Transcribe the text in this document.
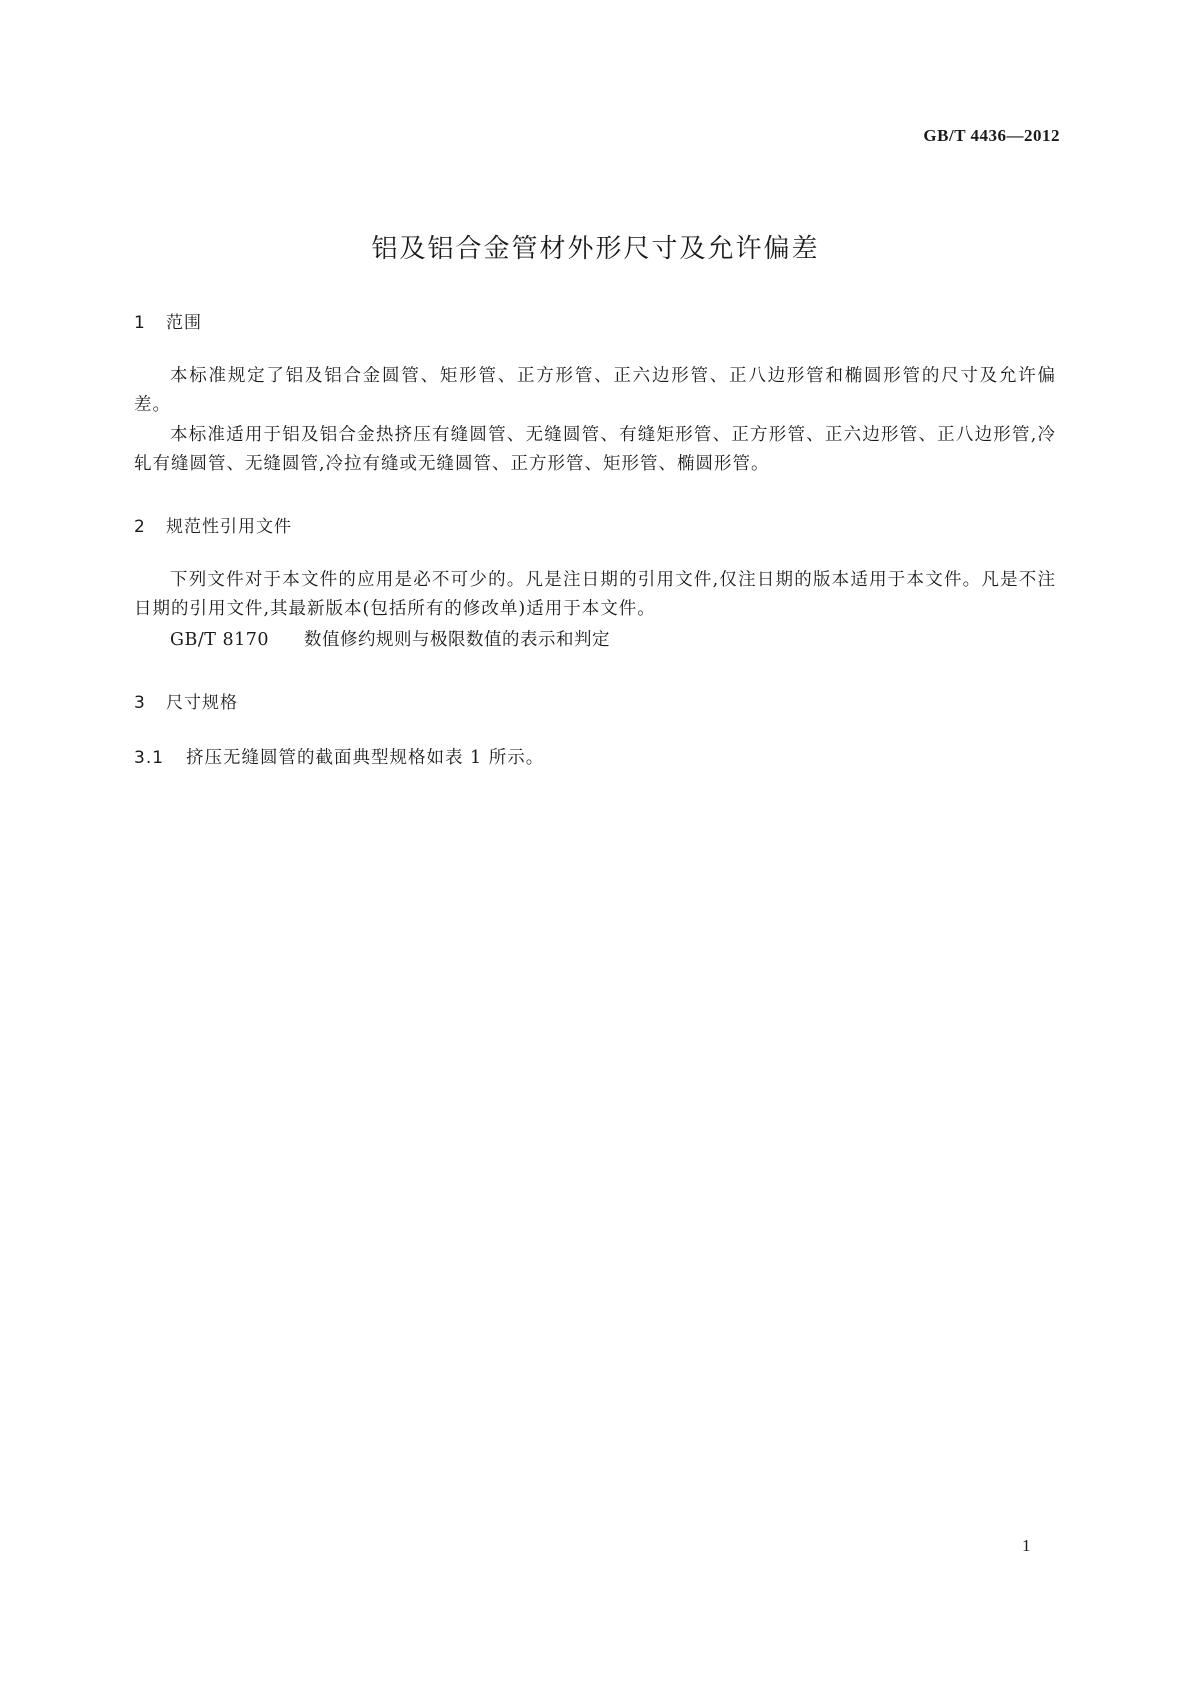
GB/T 4436—2012
铝及铝合金管材外形尺寸及允许偏差
1 范围
本标准规定了铝及铝合金圆管、矩形管、正方形管、正六边形管、正八边形管和椭圆形管的尺寸及允许偏差。
本标准适用于铝及铝合金热挤压有缝圆管、无缝圆管、有缝矩形管、正方形管、正六边形管、正八边形管,冷轧有缝圆管、无缝圆管,冷拉有缝或无缝圆管、正方形管、矩形管、椭圆形管。
2 规范性引用文件
下列文件对于本文件的应用是必不可少的。凡是注日期的引用文件,仅注日期的版本适用于本文件。凡是不注日期的引用文件,其最新版本(包括所有的修改单)适用于本文件。
GB/T 8170 数值修约规则与极限数值的表示和判定
3 尺寸规格
3.1 挤压无缝圆管的截面典型规格如表 1 所示。
1
